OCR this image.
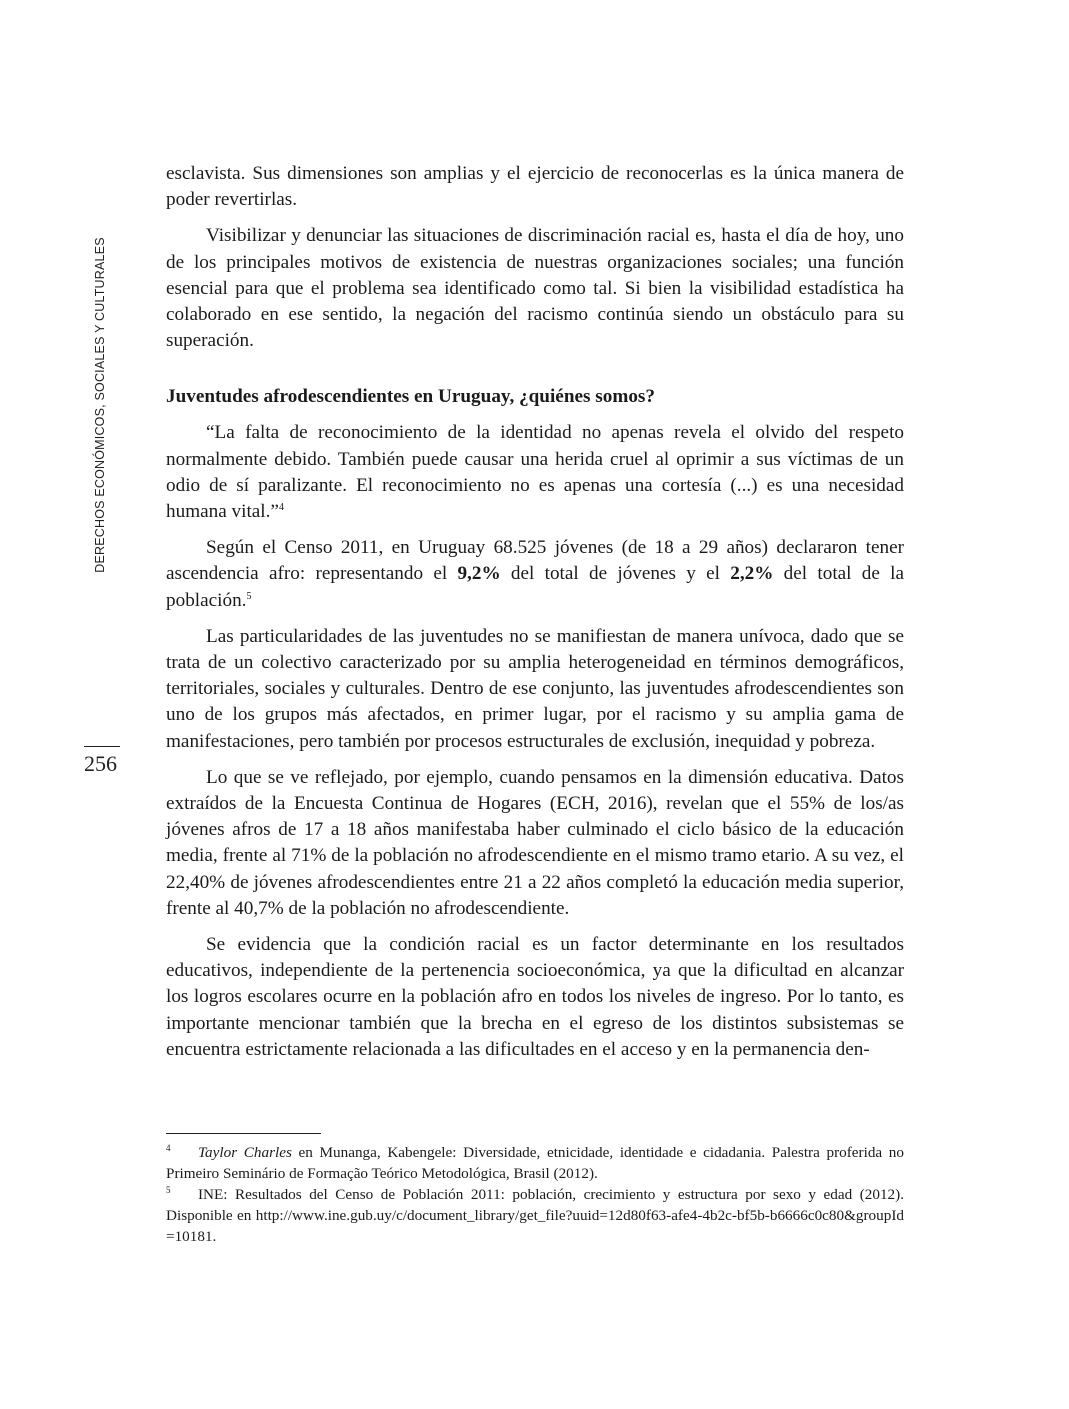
DERECHOS ECONÓMICOS, SOCIALES Y CULTURALES
256

esclavista. Sus dimensiones son amplias y el ejercicio de reconocerlas es la única manera de poder revertirlas.

Visibilizar y denunciar las situaciones de discriminación racial es, hasta el día de hoy, uno de los principales motivos de existencia de nuestras organizaciones sociales; una función esencial para que el problema sea identificado como tal. Si bien la visibilidad estadística ha colaborado en ese sentido, la negación del racismo continúa siendo un obstáculo para su superación.

Juventudes afrodescendientes en Uruguay, ¿quiénes somos?

“La falta de reconocimiento de la identidad no apenas revela el olvido del respeto normalmente debido. También puede causar una herida cruel al oprimir a sus víctimas de un odio de sí paralizante. El reconocimiento no es apenas una cortesía (...) es una necesidad humana vital.”$^4$

Según el Censo 2011, en Uruguay 68.525 jóvenes (de 18 a 29 años) declararon tener ascendencia afro: representando el 9,2% del total de jóvenes y el 2,2% del total de la población.$^5$

Las particularidades de las juventudes no se manifiestan de manera unívoca, dado que se trata de un colectivo caracterizado por su amplia heterogeneidad en términos demográficos, territoriales, sociales y culturales. Dentro de ese conjunto, las juventudes afrodescendientes son uno de los grupos más afectados, en primer lugar, por el racismo y su amplia gama de manifestaciones, pero también por procesos estructurales de exclusión, inequidad y pobreza.

Lo que se ve reflejado, por ejemplo, cuando pensamos en la dimensión educativa. Datos extraídos de la Encuesta Continua de Hogares (ECH, 2016), revelan que el 55% de los/as jóvenes afros de 17 a 18 años manifestaba haber culminado el ciclo básico de la educación media, frente al 71% de la población no afrodescendiente en el mismo tramo etario. A su vez, el 22,40% de jóvenes afrodescendientes entre 21 a 22 años completó la educación media superior, frente al 40,7% de la población no afrodescendiente.

Se evidencia que la condición racial es un factor determinante en los resultados educativos, independiente de la pertenencia socioeconómica, ya que la dificultad en alcanzar los logros escolares ocurre en la población afro en todos los niveles de ingreso. Por lo tanto, es importante mencionar también que la brecha en el egreso de los distintos subsistemas se encuentra estrictamente relacionada a las dificultades en el acceso y en la permanencia den-

4 Taylor Charles en Munanga, Kabengele: Diversidade, etnicidade, identidade e cidadania. Palestra proferida no Primeiro Seminário de Formação Teórico Metodológica, Brasil (2012).

5 INE: Resultados del Censo de Población 2011: población, crecimiento y estructura por sexo y edad (2012). Disponible en http://www.ine.gub.uy/c/document_library/get_file?uuid=12d80f63-afe4-4b2c-bf5b-b6666c0c80&groupId=10181.
